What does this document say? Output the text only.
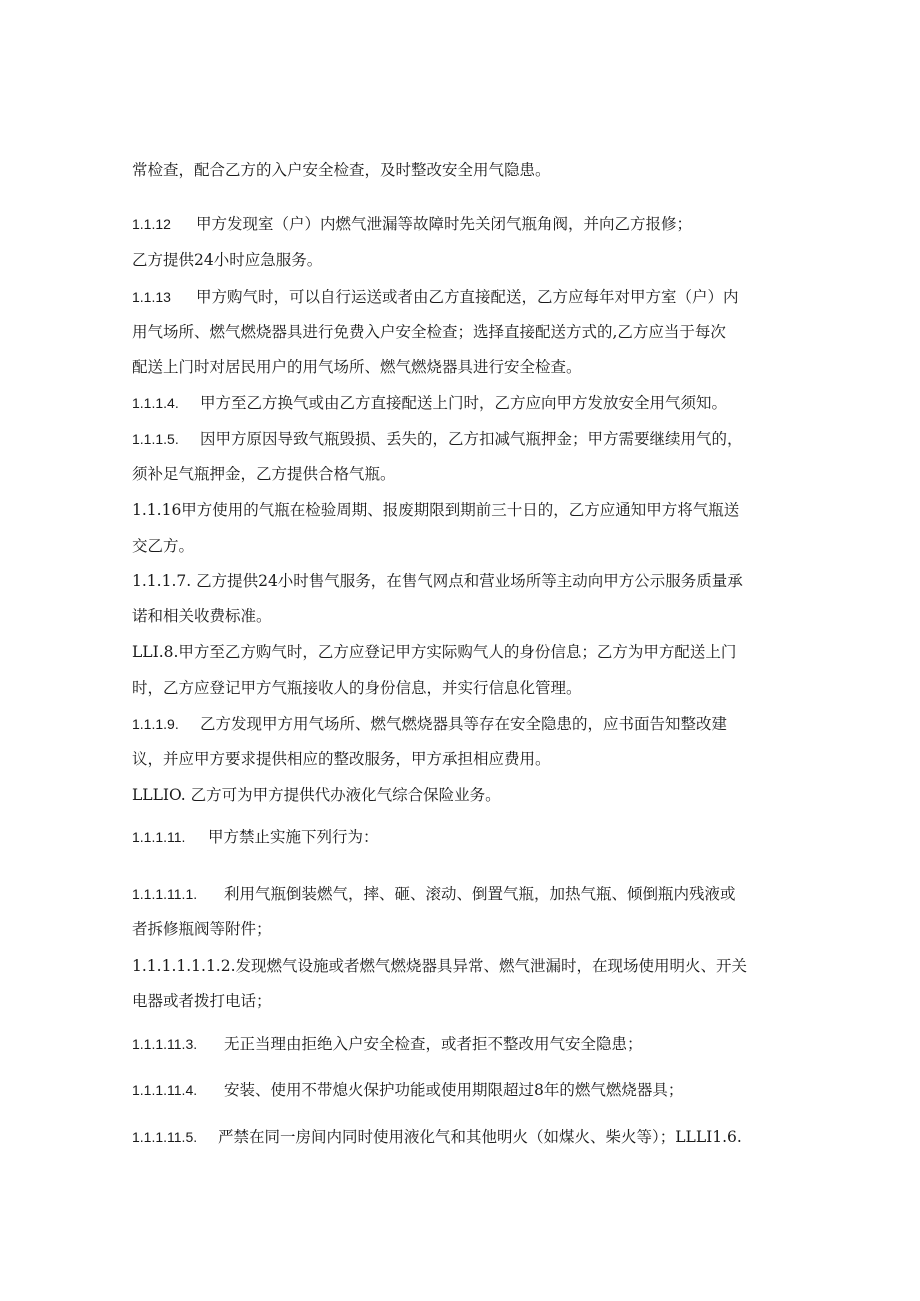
常检查，配合乙方的入户安全检查，及时整改安全用气隐患。
1.1.12 甲方发现室（户）内燃气泄漏等故障时先关闭气瓶角阀，并向乙方报修；
乙方提供24小时应急服务。
1.1.13 甲方购气时，可以自行运送或者由乙方直接配送，乙方应每年对甲方室（户）内
用气场所、燃气燃烧器具进行免费入户安全检查；选择直接配送方式的,乙方应当于每次
配送上门时对居民用户的用气场所、燃气燃烧器具进行安全检查。
1.1.1.4. 甲方至乙方换气或由乙方直接配送上门时，乙方应向甲方发放安全用气须知。
1.1.1.5. 因甲方原因导致气瓶毁损、丢失的，乙方扣减气瓶押金；甲方需要继续用气的，
须补足气瓶押金，乙方提供合格气瓶。
1.1.16甲方使用的气瓶在检验周期、报废期限到期前三十日的，乙方应通知甲方将气瓶送
交乙方。
1.1.1.7. 乙方提供24小时售气服务，在售气网点和营业场所等主动向甲方公示服务质量承
诺和相关收费标准。
LLI.8.甲方至乙方购气时，乙方应登记甲方实际购气人的身份信息；乙方为甲方配送上门
时，乙方应登记甲方气瓶接收人的身份信息，并实行信息化管理。
1.1.1.9. 乙方发现甲方用气场所、燃气燃烧器具等存在安全隐患的，应书面告知整改建
议，并应甲方要求提供相应的整改服务，甲方承担相应费用。
LLLIO. 乙方可为甲方提供代办液化气综合保险业务。
1.1.1.11. 甲方禁止实施下列行为：
1.1.1.11.1. 利用气瓶倒装燃气，摔、砸、滚动、倒置气瓶，加热气瓶、倾倒瓶内残液或
者拆修瓶阀等附件；
1.1.1.1.1.1.2.发现燃气设施或者燃气燃烧器具异常、燃气泄漏时，在现场使用明火、开关
电器或者拨打电话；
1.1.1.11.3. 无正当理由拒绝入户安全检查，或者拒不整改用气安全隐患；
1.1.1.11.4. 安装、使用不带熄火保护功能或使用期限超过8年的燃气燃烧器具；
1.1.1.11.5. 严禁在同一房间内同时使用液化气和其他明火（如煤火、柴火等）；LLLI1.6.
